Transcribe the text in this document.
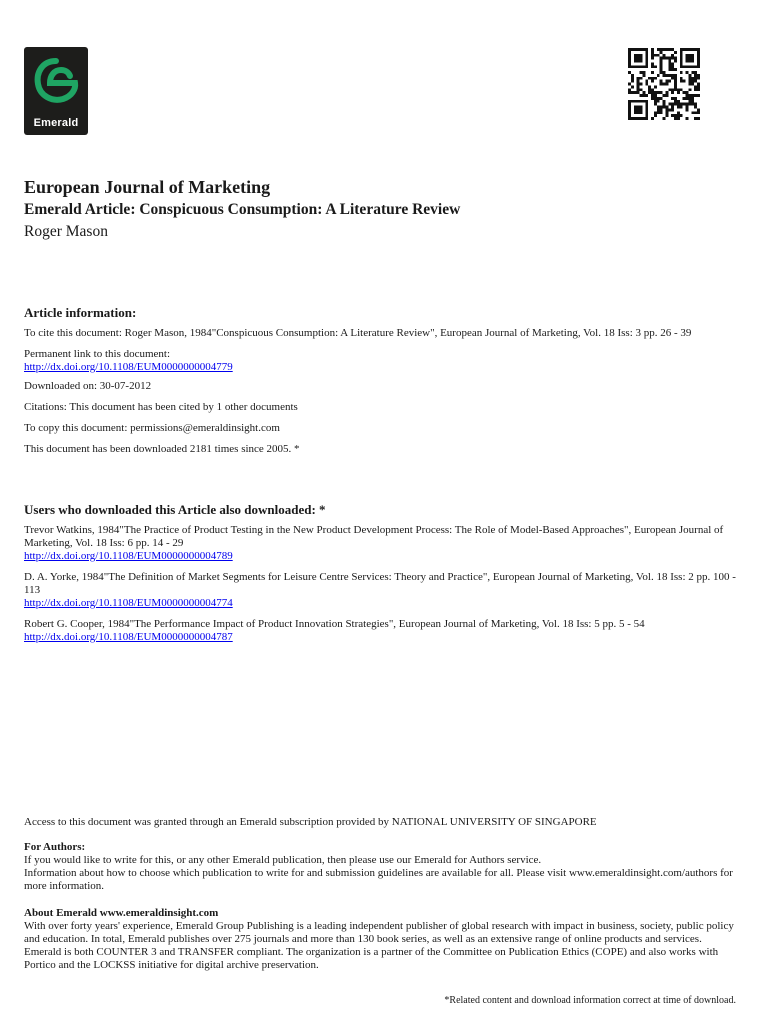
Emerald
European Journal of Marketing
Emerald Article: Conspicuous Consumption: A Literature Review
Roger Mason
Article information:

To cite this document: Roger Mason, 1984"Conspicuous Consumption: A Literature Review", European Journal of Marketing, Vol. 18 Iss: 3 pp. 26 - 39

Permanent link to this document:
http://dx.doi.org/10.1108/EUM0000000004779

Downloaded on: 30-07-2012

Citations: This document has been cited by 1 other documents

To copy this document: permissions@emeraldinsight.com

This document has been downloaded 2181 times since 2005. *

Users who downloaded this Article also downloaded: *

Trevor Watkins, 1984"The Practice of Product Testing in the New Product Development Process: The Role of Model-Based Approaches", European Journal of Marketing, Vol. 18 Iss: 6 pp. 14 - 29
http://dx.doi.org/10.1108/EUM0000000004789

D. A. Yorke, 1984"The Definition of Market Segments for Leisure Centre Services: Theory and Practice", European Journal of Marketing, Vol. 18 Iss: 2 pp. 100 - 113
http://dx.doi.org/10.1108/EUM0000000004774

Robert G. Cooper, 1984"The Performance Impact of Product Innovation Strategies", European Journal of Marketing, Vol. 18 Iss: 5 pp. 5 - 54
http://dx.doi.org/10.1108/EUM0000000004787

Access to this document was granted through an Emerald subscription provided by NATIONAL UNIVERSITY OF SINGAPORE

For Authors:

If you would like to write for this, or any other Emerald publication, then please use our Emerald for Authors service.

Information about how to choose which publication to write for and submission guidelines are available for all. Please visit www.emeraldinsight.com/authors for more information.

About Emerald www.emeraldinsight.com

With over forty years' experience, Emerald Group Publishing is a leading independent publisher of global research with impact in business, society, public policy and education. In total, Emerald publishes over 275 journals and more than 130 book series, as well as an extensive range of online products and services. Emerald is both COUNTER 3 and TRANSFER compliant. The organization is a partner of the Committee on Publication Ethics (COPE) and also works with Portico and the LOCKSS initiative for digital archive preservation.

*Related content and download information correct at time of download.
